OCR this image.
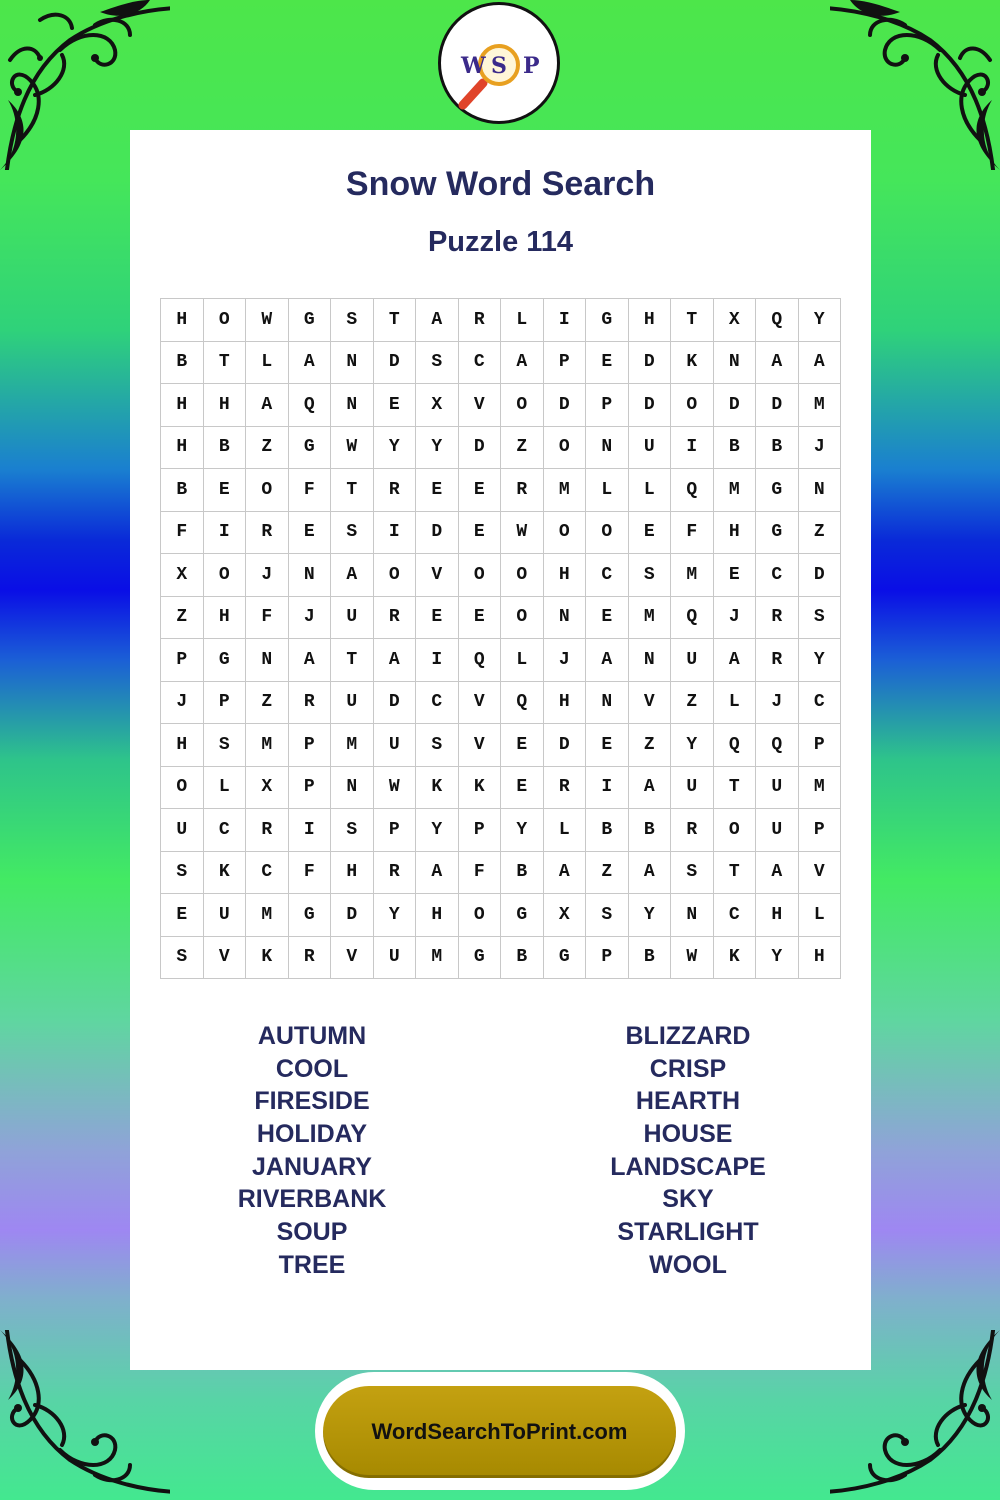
W S P
Snow Word Search
Puzzle 114
H	O	W	G	S	T	A	R	L	I	G	H	T	X	Q	Y
B	T	L	A	N	D	S	C	A	P	E	D	K	N	A	A
H	H	A	Q	N	E	X	V	O	D	P	D	O	D	D	M
H	B	Z	G	W	Y	Y	D	Z	O	N	U	I	B	B	J
B	E	O	F	T	R	E	E	R	M	L	L	Q	M	G	N
F	I	R	E	S	I	D	E	W	O	O	E	F	H	G	Z
X	O	J	N	A	O	V	O	O	H	C	S	M	E	C	D
Z	H	F	J	U	R	E	E	O	N	E	M	Q	J	R	S
P	G	N	A	T	A	I	Q	L	J	A	N	U	A	R	Y
J	P	Z	R	U	D	C	V	Q	H	N	V	Z	L	J	C
H	S	M	P	M	U	S	V	E	D	E	Z	Y	Q	Q	P
O	L	X	P	N	W	K	K	E	R	I	A	U	T	U	M
U	C	R	I	S	P	Y	P	Y	L	B	B	R	O	U	P
S	K	C	F	H	R	A	F	B	A	Z	A	S	T	A	V
E	U	M	G	D	Y	H	O	G	X	S	Y	N	C	H	L
S	V	K	R	V	U	M	G	B	G	P	B	W	K	Y	H
AUTUMN
COOL
FIRESIDE
HOLIDAY
JANUARY
RIVERBANK
SOUP
TREE
BLIZZARD
CRISP
HEARTH
HOUSE
LANDSCAPE
SKY
STARLIGHT
WOOL
WordSearchToPrint.com
